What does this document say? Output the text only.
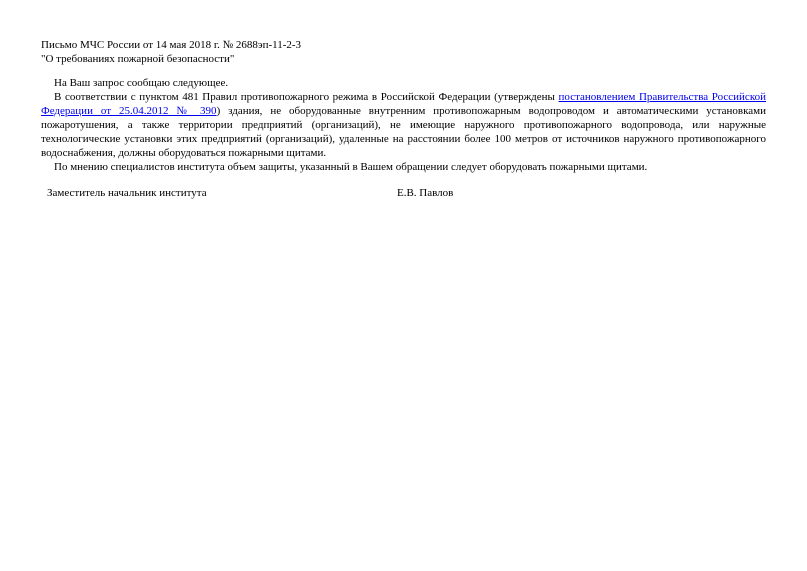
Письмо МЧС России от 14 мая 2018 г. № 2688эп-11-2-3
"О требованиях пожарной безопасности"

На Ваш запрос сообщаю следующее.

В соответствии с пунктом 481 Правил противопожарного режима в Российской Федерации (утверждены постановлением Правительства Российской Федерации от 25.04.2012 № 390) здания, не оборудованные внутренним противопожарным водопроводом и автоматическими установками пожаротушения, а также территории предприятий (организаций), не имеющие наружного противопожарного водопровода, или наружные технологические установки этих предприятий (организаций), удаленные на расстоянии более 100 метров от источников наружного противопожарного водоснабжения, должны оборудоваться пожарными щитами.

По мнению специалистов института объем защиты, указанный в Вашем обращении следует оборудовать пожарными щитами.

Заместитель начальник института	Е.В. Павлов
